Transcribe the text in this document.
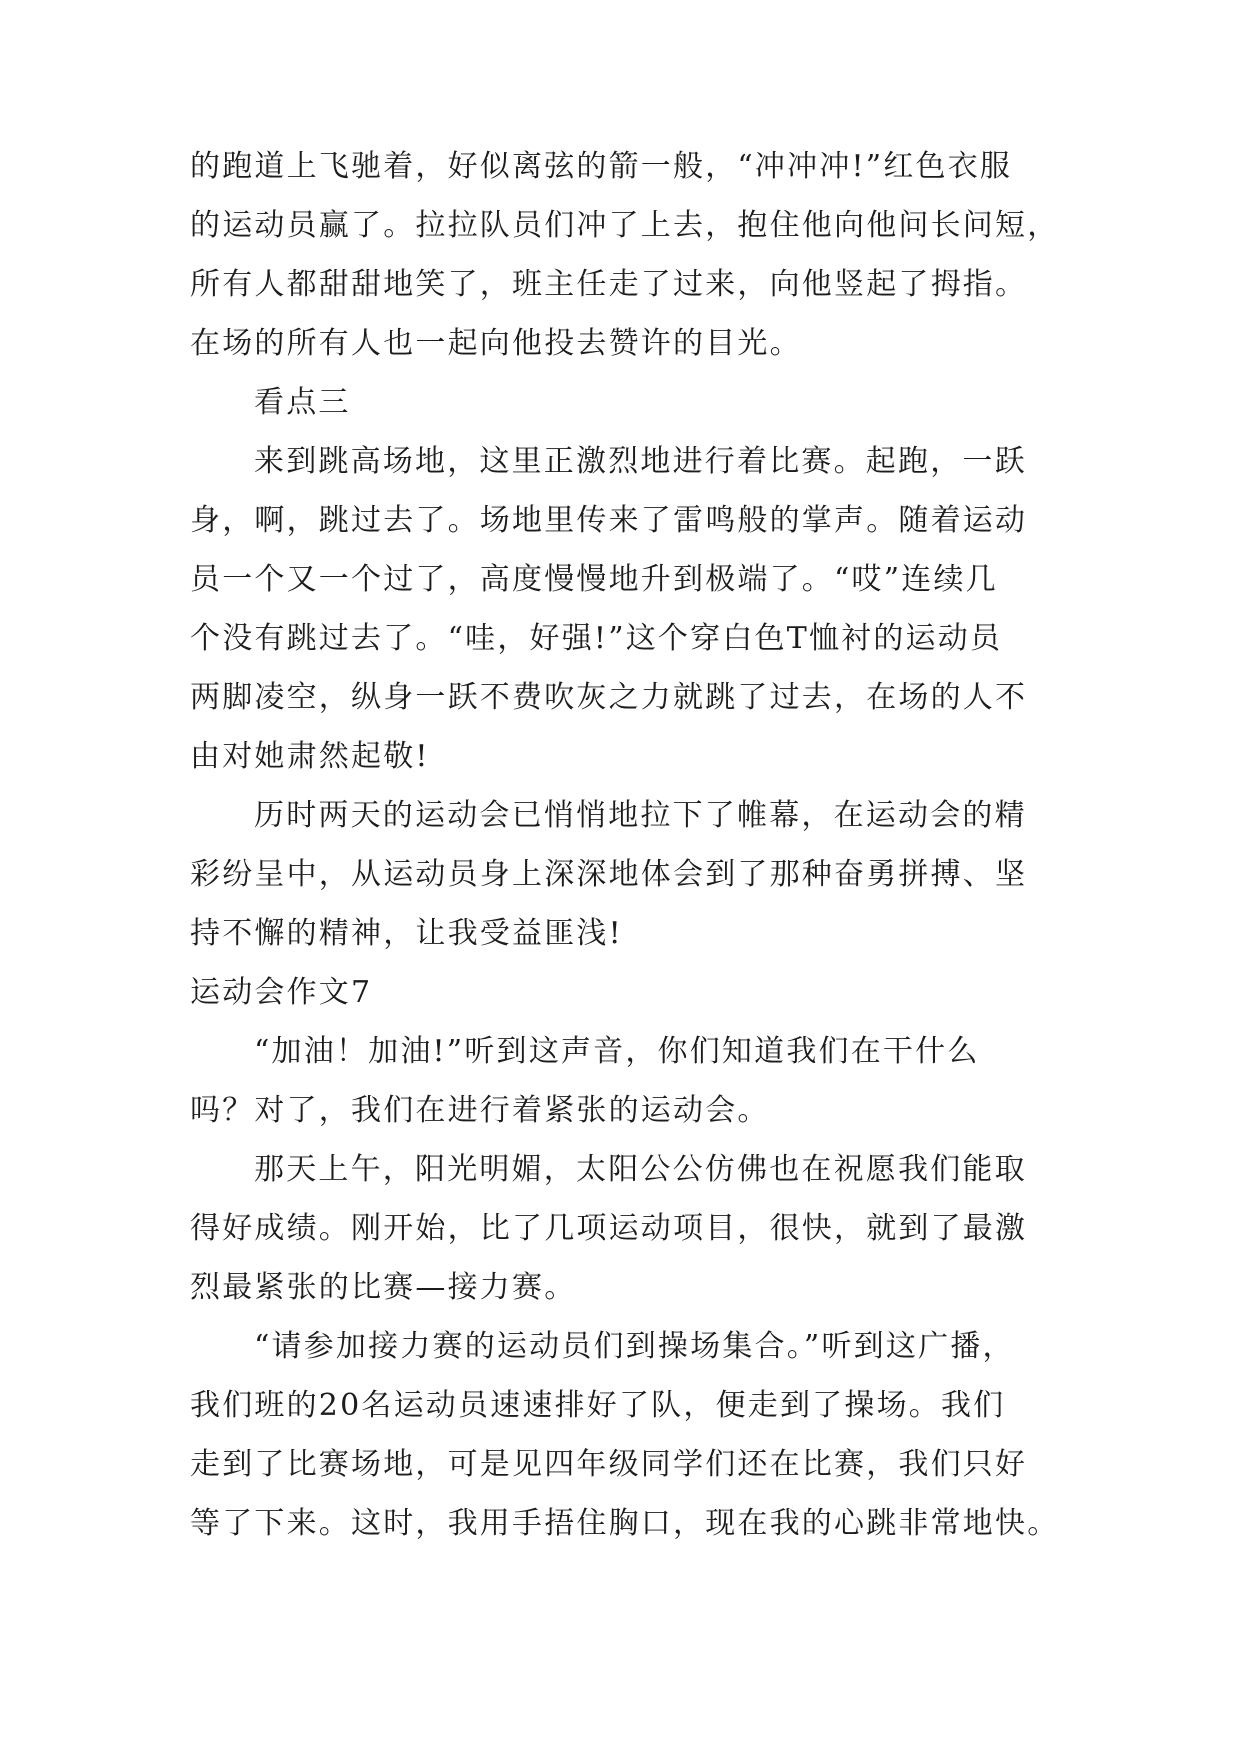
的跑道上飞驰着，好似离弦的箭一般，“冲冲冲!”红色衣服
的运动员赢了。拉拉队员们冲了上去，抱住他向他问长问短，
所有人都甜甜地笑了，班主任走了过来，向他竖起了拇指。
在场的所有人也一起向他投去赞许的目光。
看点三
来到跳高场地，这里正激烈地进行着比赛。起跑，一跃
身，啊，跳过去了。场地里传来了雷鸣般的掌声。随着运动
员一个又一个过了，高度慢慢地升到极端了。“哎”连续几
个没有跳过去了。“哇，好强!”这个穿白色T恤衬的运动员
两脚凌空，纵身一跃不费吹灰之力就跳了过去，在场的人不
由对她肃然起敬!
历时两天的运动会已悄悄地拉下了帷幕，在运动会的精
彩纷呈中，从运动员身上深深地体会到了那种奋勇拼搏、坚
持不懈的精神，让我受益匪浅!
运动会作文7
“加油！加油!”听到这声音，你们知道我们在干什么
吗？对了，我们在进行着紧张的运动会。
那天上午，阳光明媚，太阳公公仿佛也在祝愿我们能取
得好成绩。刚开始，比了几项运动项目，很快，就到了最激
烈最紧张的比赛—接力赛。
“请参加接力赛的运动员们到操场集合。”听到这广播，
我们班的20名运动员速速排好了队，便走到了操场。我们
走到了比赛场地，可是见四年级同学们还在比赛，我们只好
等了下来。这时，我用手捂住胸口，现在我的心跳非常地快。
